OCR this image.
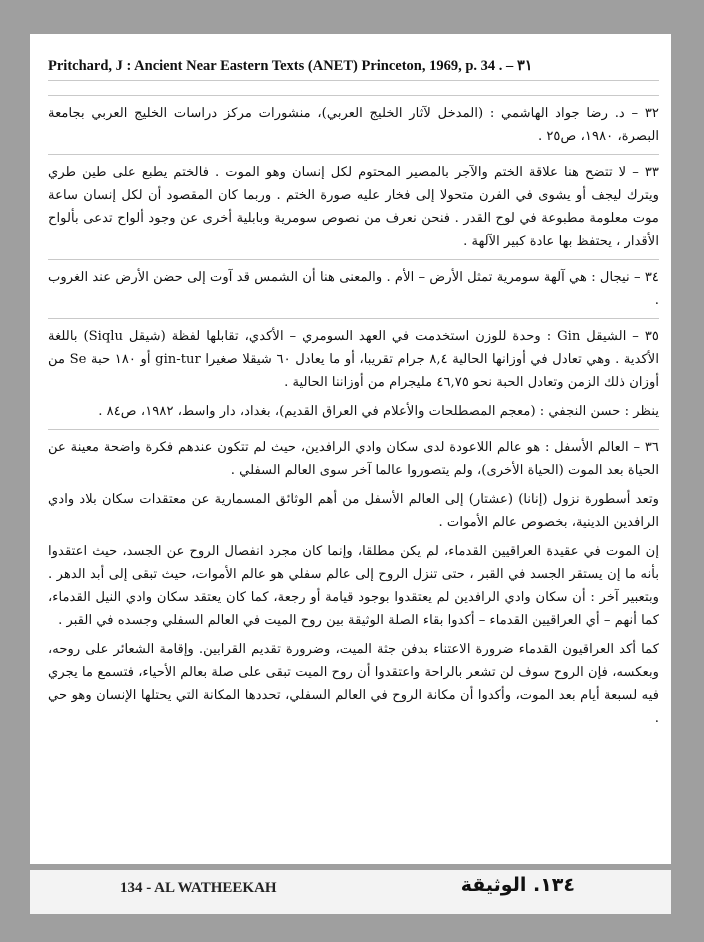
Pritchard, J : Ancient Near Eastern Texts (ANET) Princeton, 1969, p. 34 . – ٣١

٣٢ – د. رضا جواد الهاشمي : (المدخل لآثار الخليج العربي)، منشورات مركز دراسات الخليج العربي بجامعة البصرة، ١٩٨٠، ص٢٥ .

٣٣ – لا تتضح هنا علاقة الختم والآجر بالمصير المحتوم لكل إنسان وهو الموت . فالختم يطبع على طين طري ويترك ليجف أو يشوى في الفرن متحولا إلى فخار عليه صورة الختم . وربما كان المقصود أن لكل إنسان ساعة موت معلومة مطبوعة في لوح القدر . فنحن نعرف من نصوص سومرية وبابلية أخرى عن وجود ألواح تدعى بألواح الأقدار ، يحتفظ بها عادة كبير الآلهة .

٣٤ – نيجال : هي آلهة سومرية تمثل الأرض – الأم . والمعنى هنا أن الشمس قد آوت إلى حضن الأرض عند الغروب .

٣٥ – الشيقل Gin : وحدة للوزن استخدمت في العهد السومري – الأكدي، تقابلها لفظة (شيقل Siqlu) باللغة الأكدية . وهي تعادل في أوزانها الحالية ٨,٤ جرام تقريبا، أو ما يعادل ٦٠ شيقلا صغيرا gin-tur أو ١٨٠ حبة Se من أوزان ذلك الزمن وتعادل الحبة نحو ٤٦,٧٥ مليجرام من أوزاننا الحالية .

ينظر : حسن النجفي : (معجم المصطلحات والأعلام في العراق القديم)، بغداد، دار واسط، ١٩٨٢، ص٨٤ .

٣٦ – العالم الأسفل : هو عالم اللاعودة لدى سكان وادي الرافدين، حيث لم تتكون عندهم فكرة واضحة معينة عن الحياة بعد الموت (الحياة الأخرى)، ولم يتصوروا عالما آخر سوى العالم السفلي .

وتعد أسطورة نزول (إنانا) (عشتار) إلى العالم الأسفل من أهم الوثائق المسمارية عن معتقدات سكان بلاد وادي الرافدين الدينية، بخصوص عالم الأموات .

إن الموت في عقيدة العراقيين القدماء، لم يكن مطلقا، وإنما كان مجرد انفصال الروح عن الجسد، حيث اعتقدوا بأنه ما إن يستقر الجسد في القبر ، حتى تنزل الروح إلى عالم سفلي هو عالم الأموات، حيث تبقى إلى أبد الدهر . وبتعبير آخر : أن سكان وادي الرافدين لم يعتقدوا بوجود قيامة أو رجعة، كما كان يعتقد سكان وادي النيل القدماء، كما أنهم – أي العراقيين القدماء – أكدوا بقاء الصلة الوثيقة بين روح الميت في العالم السفلي وجسده في القبر .

كما أكد العراقيون القدماء ضرورة الاعتناء بدفن جثة الميت، وضرورة تقديم القرابين. وإقامة الشعائر على روحه، وبعكسه، فإن الروح سوف لن تشعر بالراحة واعتقدوا أن روح الميت تبقى على صلة بعالم الأحياء، فتسمع ما يجري فيه لسبعة أيام بعد الموت، وأكدوا أن مكانة الروح في العالم السفلي، تحددها المكانة التي يحتلها الإنسان وهو حي .

134 - AL WATHEEKAH	١٣٤. الوثيقة
